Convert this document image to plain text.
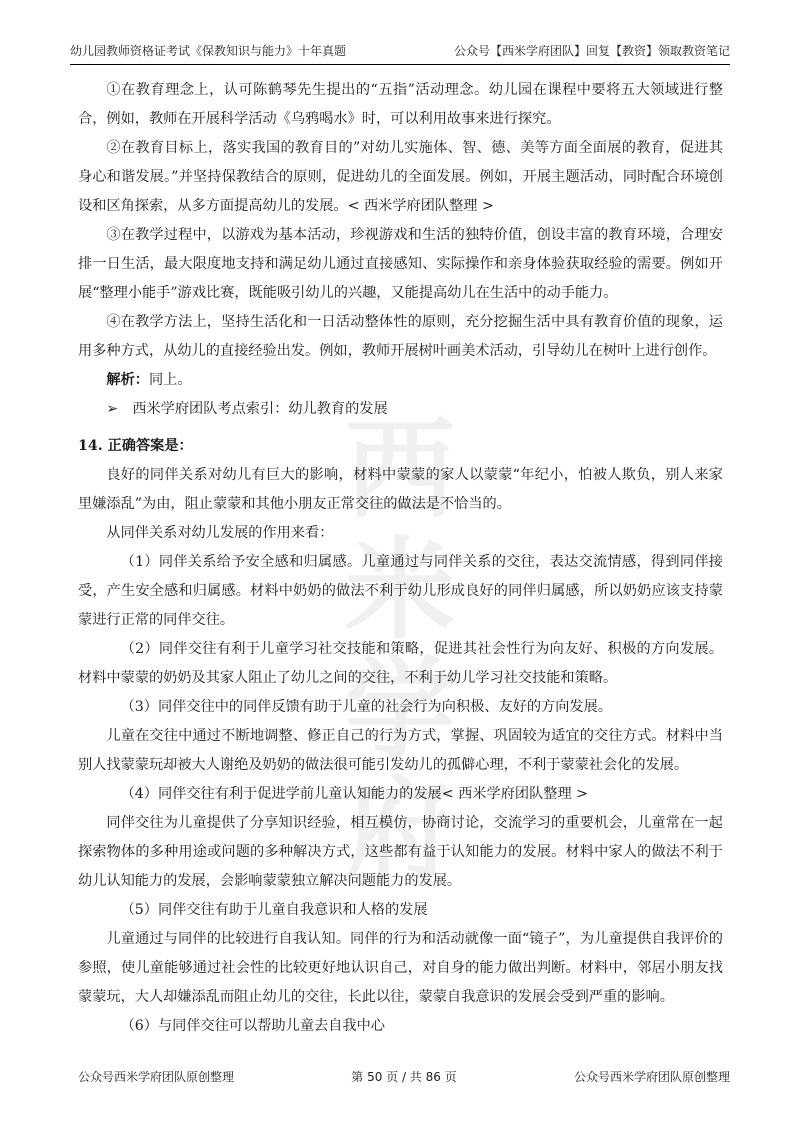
幼儿园教师资格证考试《保教知识与能力》十年真题	公众号【西米学府团队】回复【教资】领取教资笔记
西米学府

①在教育理念上，认可陈鹤琴先生提出的“五指”活动理念。幼儿园在课程中要将五大领域进行整合，例如，教师在开展科学活动《乌鸦喝水》时，可以利用故事来进行探究。

②在教育目标上，落实我国的教育目的”对幼儿实施体、智、德、美等方面全面展的教育，促进其身心和谐发展。”并坚持保教结合的原则，促进幼儿的全面发展。例如，开展主题活动，同时配合环境创设和区角探索，从多方面提高幼儿的发展。< 西米学府团队整理 >

③在教学过程中，以游戏为基本活动，珍视游戏和生活的独特价值，创设丰富的教育环境，合理安排一日生活，最大限度地支持和满足幼儿通过直接感知、实际操作和亲身体验获取经验的需要。例如开展“整理小能手”游戏比赛，既能吸引幼儿的兴趣，又能提高幼儿在生活中的动手能力。

④在教学方法上，坚持生活化和一日活动整体性的原则，充分挖掘生活中具有教育价值的现象，运用多种方式，从幼儿的直接经验出发。例如，教师开展树叶画美术活动，引导幼儿在树叶上进行创作。

解析：同上。

➢ 西米学府团队考点索引：幼儿教育的发展

14. 正确答案是：

良好的同伴关系对幼儿有巨大的影响，材料中蒙蒙的家人以蒙蒙“年纪小，怕被人欺负，别人来家里嫌添乱”为由，阻止蒙蒙和其他小朋友正常交往的做法是不恰当的。

从同伴关系对幼儿发展的作用来看：

（1）同伴关系给予安全感和归属感。儿童通过与同伴关系的交往，表达交流情感，得到同伴接受，产生安全感和归属感。材料中奶奶的做法不利于幼儿形成良好的同伴归属感，所以奶奶应该支持蒙蒙进行正常的同伴交往。

（2）同伴交往有利于儿童学习社交技能和策略，促进其社会性行为向友好、积极的方向发展。材料中蒙蒙的奶奶及其家人阻止了幼儿之间的交往，不利于幼儿学习社交技能和策略。

（3）同伴交往中的同伴反馈有助于儿童的社会行为向积极、友好的方向发展。

儿童在交往中通过不断地调整、修正自己的行为方式，掌握、巩固较为适宜的交往方式。材料中当别人找蒙蒙玩却被大人谢绝及奶奶的做法很可能引发幼儿的孤僻心理，不利于蒙蒙社会化的发展。

（4）同伴交往有利于促进学前儿童认知能力的发展< 西米学府团队整理 >

同伴交往为儿童提供了分享知识经验，相互模仿，协商讨论，交流学习的重要机会，儿童常在一起探索物体的多种用途或问题的多种解决方式，这些都有益于认知能力的发展。材料中家人的做法不利于幼儿认知能力的发展，会影响蒙蒙独立解决问题能力的发展。

（5）同伴交往有助于儿童自我意识和人格的发展

儿童通过与同伴的比较进行自我认知。同伴的行为和活动就像一面“镜子”，为儿童提供自我评价的参照，使儿童能够通过社会性的比较更好地认识自己，对自身的能力做出判断。材料中，邻居小朋友找蒙蒙玩，大人却嫌添乱而阻止幼儿的交往，长此以往，蒙蒙自我意识的发展会受到严重的影响。

（6）与同伴交往可以帮助儿童去自我中心

公众号西米学府团队原创整理	第 50 页 / 共 86 页	公众号西米学府团队原创整理
